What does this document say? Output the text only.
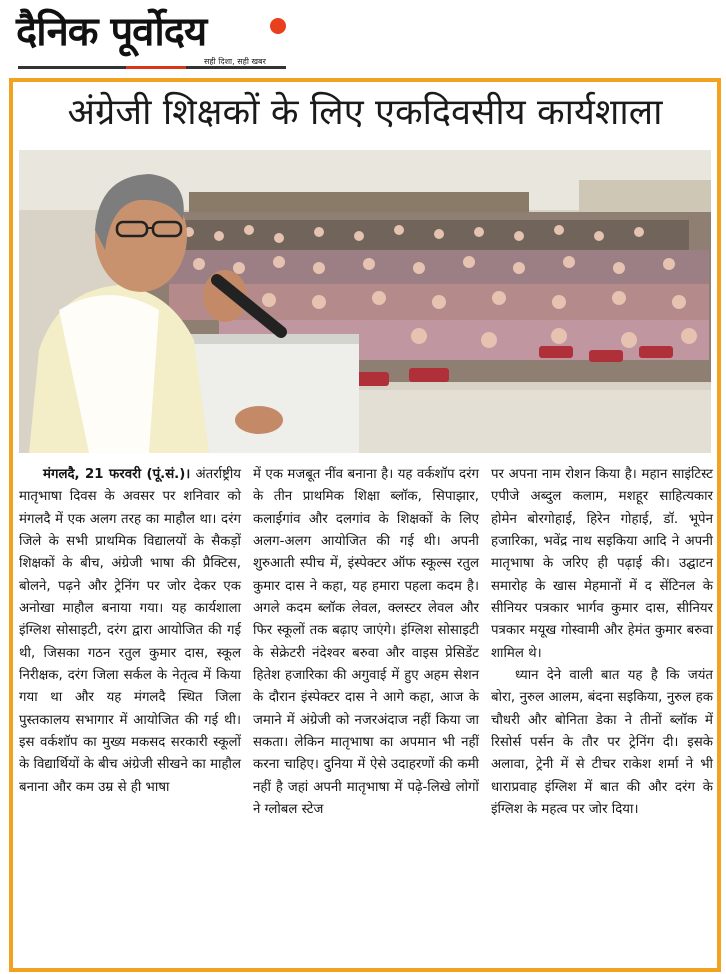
दैनिक पूर्वोदय
सही दिशा, सही खबर
अंग्रेजी शिक्षकों के लिए एकदिवसीय कार्यशाला

मंगलदै, 21 फरवरी (पूं.सं.)। अंतर्राष्ट्रीय मातृभाषा दिवस के अवसर पर शनिवार को मंगलदै में एक अलग तरह का माहौल था। दरंग जिले के सभी प्राथमिक विद्यालयों के सैकड़ों शिक्षकों के बीच, अंग्रेजी भाषा की प्रैक्टिस, बोलने, पढ़ने और ट्रेनिंग पर जोर देकर एक अनोखा माहौल बनाया गया। यह कार्यशाला इंग्लिश सोसाइटी, दरंग द्वारा आयोजित की गई थी, जिसका गठन रतुल कुमार दास, स्कूल निरीक्षक, दरंग जिला सर्कल के नेतृत्व में किया गया था और यह मंगलदै स्थित जिला पुस्तकालय सभागार में आयोजित की गई थी। इस वर्कशॉप का मुख्य मकसद सरकारी स्कूलों के विद्यार्थियों के बीच अंग्रेजी सीखने का माहौल बनाना और कम उम्र से ही भाषा

में एक मजबूत नींव बनाना है। यह वर्कशॉप दरंग के तीन प्राथमिक शिक्षा ब्लॉक, सिपाझार, कलाईगांव और दलगांव के शिक्षकों के लिए अलग-अलग आयोजित की गई थी। अपनी शुरुआती स्पीच में, इंस्पेक्टर ऑफ स्कूल्स रतुल कुमार दास ने कहा, यह हमारा पहला कदम है। अगले कदम ब्लॉक लेवल, क्लस्टर लेवल और फिर स्कूलों तक बढ़ाए जाएंगे। इंग्लिश सोसाइटी के सेक्रेटरी नंदेश्वर बरुवा और वाइस प्रेसिडेंट हितेश हजारिका की अगुवाई में हुए अहम सेशन के दौरान इंस्पेक्टर दास ने आगे कहा, आज के जमाने में अंग्रेजी को नजरअंदाज नहीं किया जा सकता। लेकिन मातृभाषा का अपमान भी नहीं करना चाहिए। दुनिया में ऐसे उदाहरणों की कमी नहीं है जहां अपनी मातृभाषा में पढ़े-लिखे लोगों ने ग्लोबल स्टेज

पर अपना नाम रोशन किया है। महान साइंटिस्ट एपीजे अब्दुल कलाम, मशहूर साहित्यकार होमेन बोरगोहाई, हिरेन गोहाई, डॉ. भूपेन हजारिका, भवेंद्र नाथ सइकिया आदि ने अपनी मातृभाषा के जरिए ही पढ़ाई की। उद्घाटन समारोह के खास मेहमानों में द सेंटिनल के सीनियर पत्रकार भार्गव कुमार दास, सीनियर पत्रकार मयूख गोस्वामी और हेमंत कुमार बरुवा शामिल थे।

ध्यान देने वाली बात यह है कि जयंत बोरा, नुरुल आलम, बंदना सइकिया, नुरुल हक चौधरी और बोनिता डेका ने तीनों ब्लॉक में रिसोर्स पर्सन के तौर पर ट्रेनिंग दी। इसके अलावा, ट्रेनी में से टीचर राकेश शर्मा ने भी धाराप्रवाह इंग्लिश में बात की और दरंग के इंग्लिश के महत्व पर जोर दिया।
